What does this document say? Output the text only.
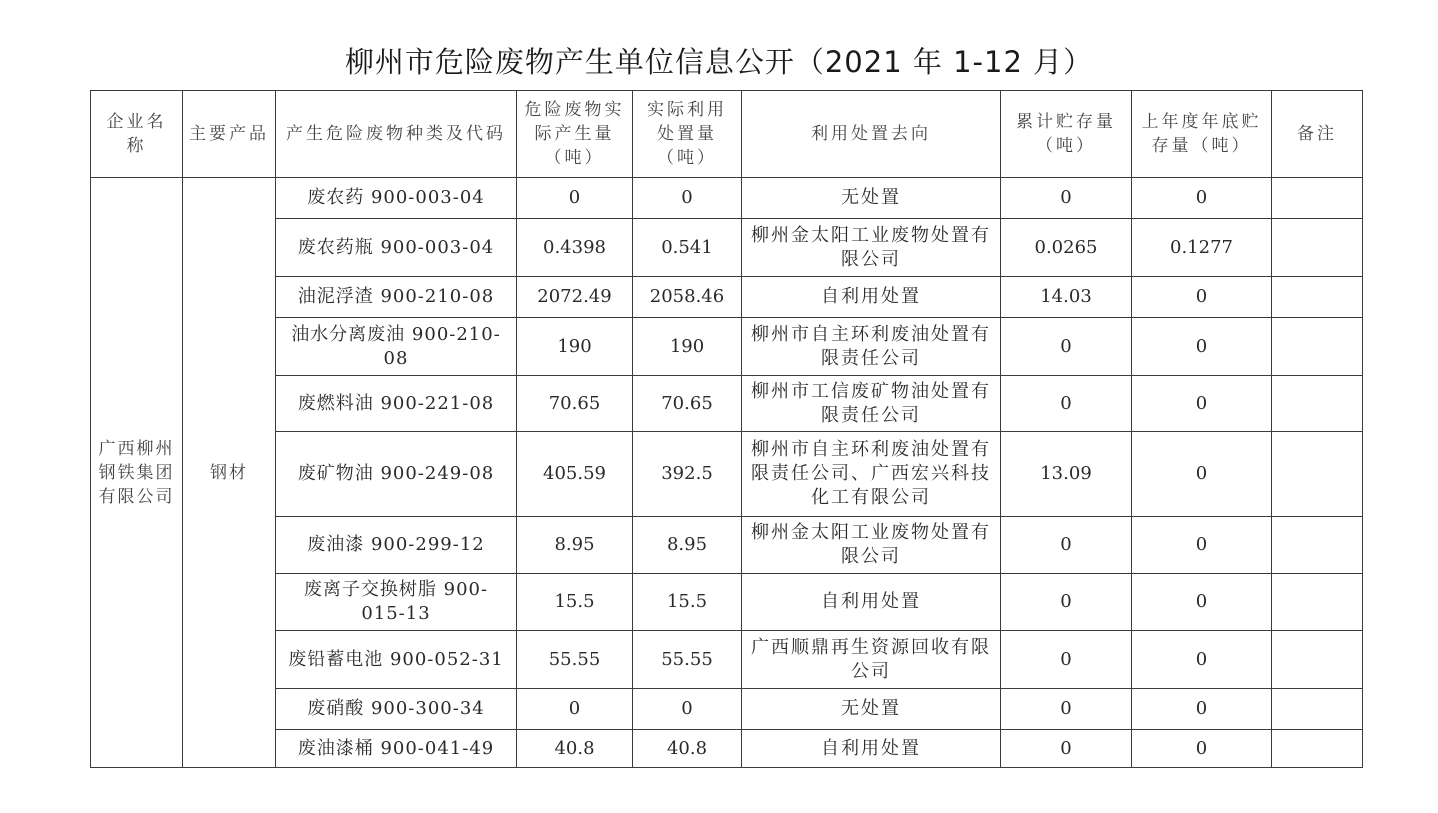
柳州市危险废物产生单位信息公开（2021 年 1-12 月）
企业名称	主要产品	产生危险废物种类及代码	危险废物实际产生量（吨）	实际利用处置量（吨）	利用处置去向	累计贮存量（吨）	上年度年底贮存量（吨）	备注
广西柳州钢铁集团有限公司	钢材	废农药 900-003-04	0	0	无处置	0	0	
		废农药瓶 900-003-04	0.4398	0.541	柳州金太阳工业废物处置有限公司	0.0265	0.1277	
		油泥浮渣 900-210-08	2072.49	2058.46	自利用处置	14.03	0	
		油水分离废油 900-210-08	190	190	柳州市自主环利废油处置有限责任公司	0	0	
		废燃料油 900-221-08	70.65	70.65	柳州市工信废矿物油处置有限责任公司	0	0	
		废矿物油 900-249-08	405.59	392.5	柳州市自主环利废油处置有限责任公司、广西宏兴科技化工有限公司	13.09	0	
		废油漆 900-299-12	8.95	8.95	柳州金太阳工业废物处置有限公司	0	0	
		废离子交换树脂 900-015-13	15.5	15.5	自利用处置	0	0	
		废铅蓄电池 900-052-31	55.55	55.55	广西顺鼎再生资源回收有限公司	0	0	
		废硝酸 900-300-34	0	0	无处置	0	0	
		废油漆桶 900-041-49	40.8	40.8	自利用处置	0	0	
